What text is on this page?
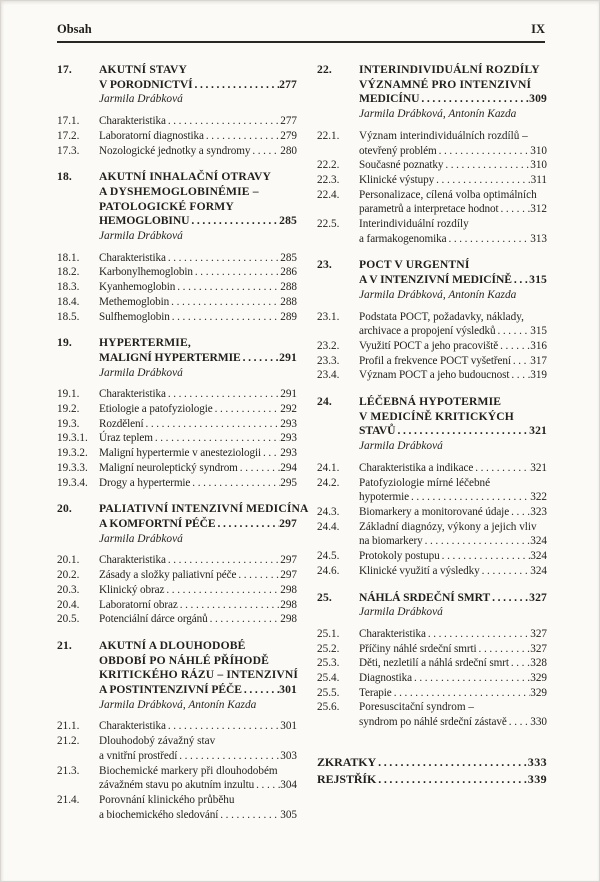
Obsah	IX
17.	AKUTNÍ STAVY
V PORODNICTVÍ .....	277
Jarmila Drábková
17.1.	Charakteristika .....	277
17.2.	Laboratorní diagnostika .....	279
17.3.	Nozologické jednotky a syndromy .....	280
18.	AKUTNÍ INHALAČNÍ OTRAVY
A DYSHEMOGLOBINÉMIE –
PATOLOGICKÉ FORMY
HEMOGLOBINU .....	285
Jarmila Drábková
18.1.	Charakteristika .....	285
18.2.	Karbonylhemoglobin .....	286
18.3.	Kyanhemoglobin .....	288
18.4.	Methemoglobin .....	288
18.5.	Sulfhemoglobin .....	289
19.	HYPERTERMIE,
MALIGNÍ HYPERTERMIE .....	291
Jarmila Drábková
19.1.	Charakteristika .....	291
19.2.	Etiologie a patofyziologie .....	292
19.3.	Rozdělení .....	293
19.3.1.	Úraz teplem .....	293
19.3.2.	Maligní hypertermie v anesteziologii ..... 293
19.3.3.	Maligní neuroleptický syndrom .....	294
19.3.4.	Drogy a hypertermie .....	295
20.	PALIATIVNÍ INTENZIVNÍ MEDICÍNA
A KOMFORTNÍ PÉČE .....	297
Jarmila Drábková
20.1.	Charakteristika .....	297
20.2.	Zásady a složky paliativní péče .....	297
20.3.	Klinický obraz .....	298
20.4.	Laboratorní obraz .....	298
20.5.	Potenciální dárce orgánů .....	298
21.	AKUTNÍ A DLOUHODOBÉ
OBDOBÍ PO NÁHLÉ PŘÍHODĚ
KRITICKÉHO RÁZU – INTENZIVNÍ
A POSTINTENZIVNÍ PÉČE .....	301
Jarmila Drábková, Antonín Kazda
21.1.	Charakteristika .....	301
21.2.	Dlouhodobý závažný stav
a vnitřní prostředí .....	303
21.3.	Biochemické markery při dlouhodobém
závažném stavu po akutním inzultu ..... 304
21.4.	Porovnání klinického průběhu
a biochemického sledování .....	305
22.	INTERINDIVIDUÁLNÍ ROZDÍLY
VÝZNAMNÉ PRO INTENZIVNÍ
MEDICÍNU .....	309
Jarmila Drábková, Antonín Kazda
22.1.	Význam interindividuálních rozdílů –
otevřený problém .....	310
22.2.	Současné poznatky .....	310
22.3.	Klinické výstupy .....	311
22.4.	Personalizace, cílená volba optimálních
parametrů a interpretace hodnot .....	312
22.5.	Interindividuální rozdíly
a farmakogenomika .....	313
23.	POCT V URGENTNÍ
A V INTENZIVNÍ MEDICÍNĚ ..... 315
Jarmila Drábková, Antonín Kazda
23.1.	Podstata POCT, požadavky, náklady,
archivace a propojení výsledků .....	315
23.2.	Využití POCT a jeho pracoviště .....	316
23.3.	Profil a frekvence POCT vyšetření ..... 317
23.4.	Význam POCT a jeho budoucnost ..... 319
24.	LÉČEBNÁ HYPOTERMIE
V MEDICÍNĚ KRITICKÝCH
STAVŮ .....	321
Jarmila Drábková
24.1.	Charakteristika a indikace .....	321
24.2.	Patofyziologie mírné léčebné
hypotermie .....	322
24.3.	Biomarkery a monitorované údaje ..... 323
24.4.	Základní diagnózy, výkony a jejich vliv
na biomarkery .....	324
24.5.	Protokoly postupu .....	324
24.6.	Klinické využití a výsledky .....	324
25.	NÁHLÁ SRDEČNÍ SMRT .....	327
Jarmila Drábková
25.1.	Charakteristika .....	327
25.2.	Příčiny náhlé srdeční smrti .....	327
25.3.	Děti, nezletilí a náhlá srdeční smrt ..... 328
25.4.	Diagnostika .....	329
25.5.	Terapie .....	329
25.6.	Poresuscitační syndrom –
syndrom po náhlé srdeční zástavě ..... 330
ZKRATKY .....	333
REJSTŘÍK .....	339
